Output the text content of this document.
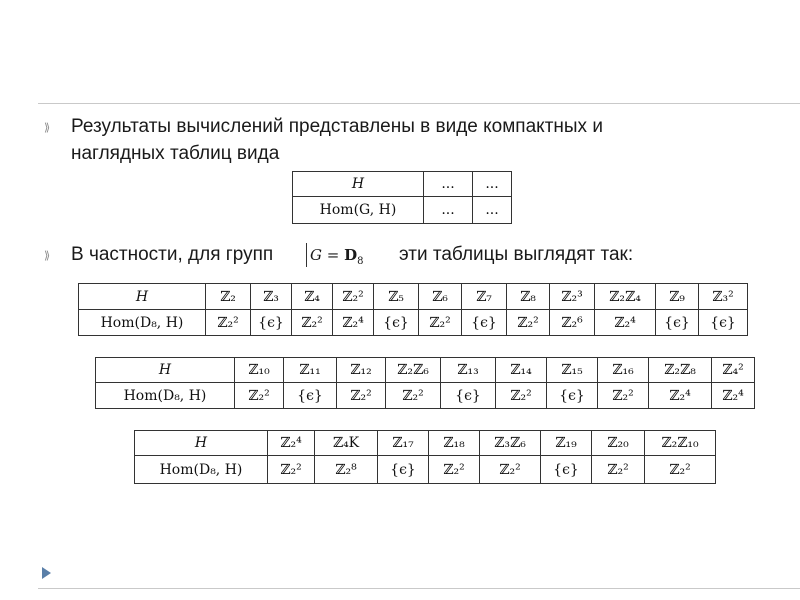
⟫ Результаты вычислений представлены в виде компактных и
наглядных таблиц вида
H	...	...
Hom(G, H)	...	...
⟫ В частности, для групп $G = D_8$	эти таблицы выглядят так:
H	ℤ₂	ℤ₃	ℤ₄	ℤ₂²	ℤ₅	ℤ₆	ℤ₇	ℤ₈	ℤ₂³	ℤ₂ℤ₄	ℤ₉	ℤ₃²
Hom(D₈, H)	ℤ₂²	{ϵ}	ℤ₂²	ℤ₂⁴	{ϵ}	ℤ₂²	{ϵ}	ℤ₂²	ℤ₂⁶	ℤ₂⁴	{ϵ}	{ϵ}
H	ℤ₁₀	ℤ₁₁	ℤ₁₂	ℤ₂ℤ₆	ℤ₁₃	ℤ₁₄	ℤ₁₅	ℤ₁₆	ℤ₂ℤ₈	ℤ₄²
Hom(D₈, H)	ℤ₂²	{ϵ}	ℤ₂²	ℤ₂²	{ϵ}	ℤ₂²	{ϵ}	ℤ₂²	ℤ₂⁴	ℤ₂⁴
H	ℤ₂⁴	ℤ₄K	ℤ₁₇	ℤ₁₈	ℤ₃ℤ₆	ℤ₁₉	ℤ₂₀	ℤ₂ℤ₁₀
Hom(D₈, H)	ℤ₂²	ℤ₂⁸	{ϵ}	ℤ₂²	ℤ₂²	{ϵ}	ℤ₂²	ℤ₂²
